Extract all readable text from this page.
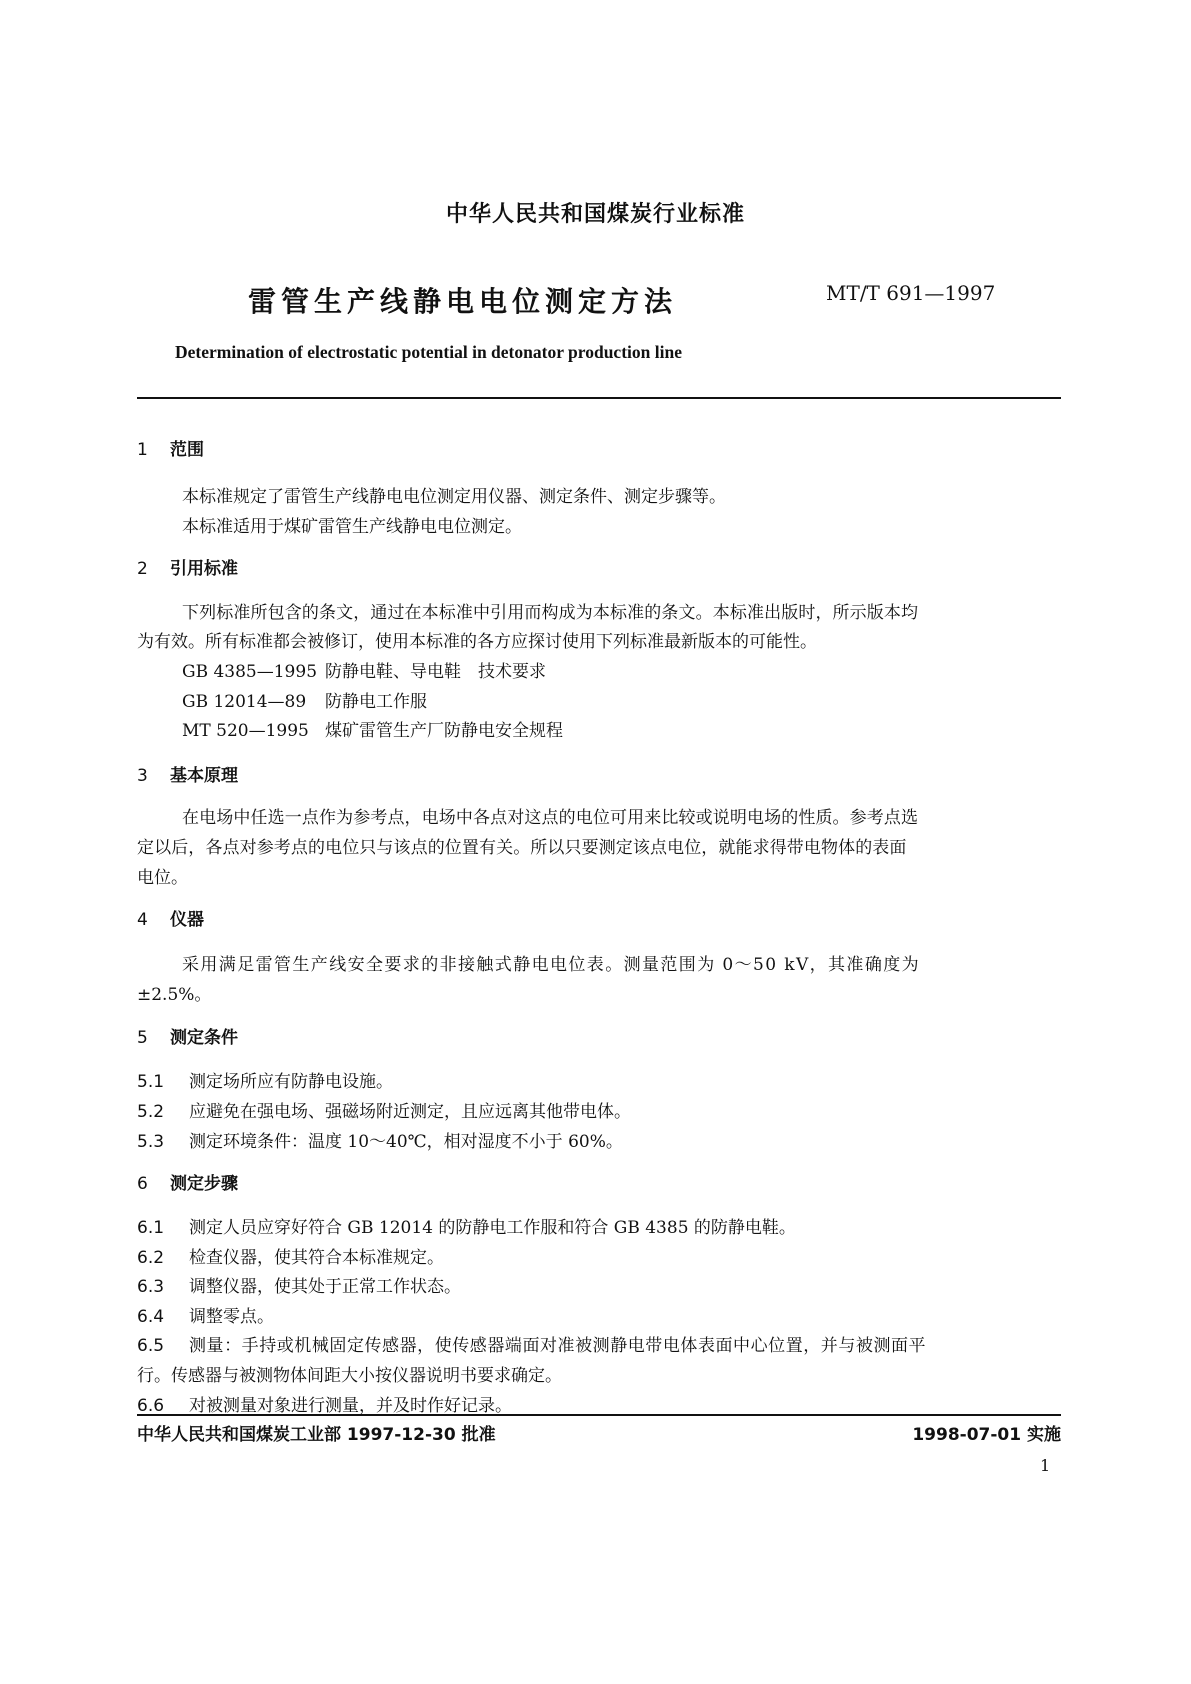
中华人民共和国煤炭行业标准
雷管生产线静电电位测定方法	MT/T 691—1997
Determination of electrostatic potential in detonator production line
1 范围
本标准规定了雷管生产线静电电位测定用仪器、测定条件、测定步骤等。
本标准适用于煤矿雷管生产线静电电位测定。
2 引用标准
下列标准所包含的条文，通过在本标准中引用而构成为本标准的条文。本标准出版时，所示版本均
为有效。所有标准都会被修订，使用本标准的各方应探讨使用下列标准最新版本的可能性。
GB 4385—1995 防静电鞋、导电鞋　技术要求
GB 12014—89 防静电工作服
MT 520—1995 煤矿雷管生产厂防静电安全规程
3 基本原理
在电场中任选一点作为参考点，电场中各点对这点的电位可用来比较或说明电场的性质。参考点选
定以后，各点对参考点的电位只与该点的位置有关。所以只要测定该点电位，就能求得带电物体的表面
电位。
4 仪器
采用满足雷管生产线安全要求的非接触式静电电位表。测量范围为 0～50 kV，其准确度为
±2.5%。
5 测定条件
5.1 测定场所应有防静电设施。
5.2 应避免在强电场、强磁场附近测定，且应远离其他带电体。
5.3 测定环境条件：温度 10～40℃，相对湿度不小于 60%。
6 测定步骤
6.1 测定人员应穿好符合 GB 12014 的防静电工作服和符合 GB 4385 的防静电鞋。
6.2 检查仪器，使其符合本标准规定。
6.3 调整仪器，使其处于正常工作状态。
6.4 调整零点。
6.5 测量：手持或机械固定传感器，使传感器端面对准被测静电带电体表面中心位置，并与被测面平
行。传感器与被测物体间距大小按仪器说明书要求确定。
6.6 对被测量对象进行测量，并及时作好记录。
中华人民共和国煤炭工业部 1997-12-30 批准	1998-07-01 实施
1
